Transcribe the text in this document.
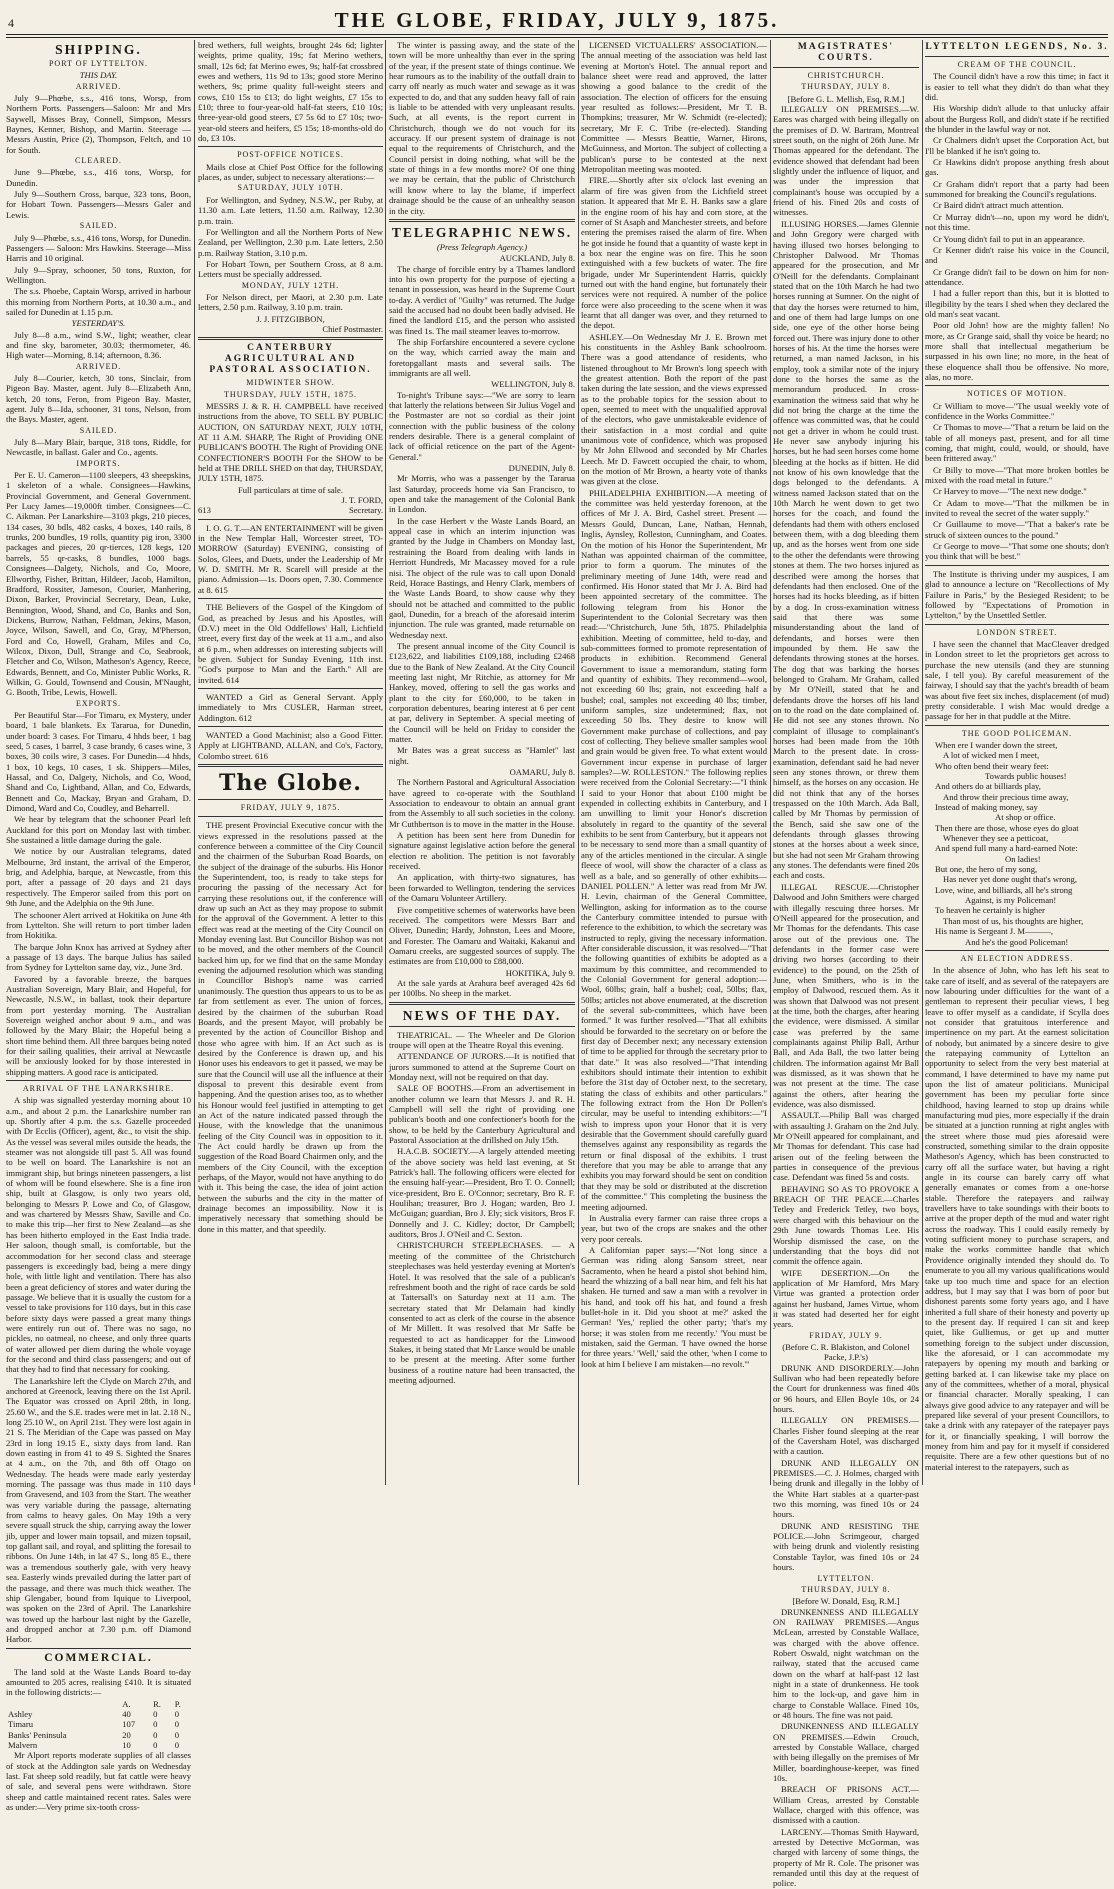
4	THE GLOBE, FRIDAY, JULY 9, 1875.
SHIPPING.
PORT OF LYTTELTON.
THIS DAY.
ARRIVED.

July 9—Phœbe, s.s., 416 tons, Worsp, from Northern Ports. Passengers—Saloon: Mr and Mrs Saywell, Misses Bray, Connell, Simpson, Messrs Baynes, Kenner, Bishop, and Martin. Steerage — Messrs Austin, Price (2), Thompson, Feltch, and 10 for South.

CLEARED.

June 9—Phœbe, s.s., 416 tons, Worsp, for Dunedin.

July 9—Southern Cross, barque, 323 tons, Boon, for Hobart Town. Passengers—Messrs Galer and Lewis.

SAILED.

July 9—Phœbe, s.s., 416 tons, Worsp, for Dunedin. Passengers — Saloon: Mrs Hawkins. Steerage—Miss Harris and 10 original.

July 9—Spray, schooner, 50 tons, Ruxton, for Wellington.

The s.s. Phoebe, Captain Worsp, arrived in harbour this morning from Northern Ports, at 10.30 a.m., and sailed for Dunedin at 1.15 p.m.

YESTERDAY'S.

July 8—8 a.m., wind S.W., light; weather, clear and fine sky, barometer, 30.03; thermometer, 46. High water—Morning, 8.14; afternoon, 8.36.

ARRIVED.

July 8—Courier, ketch, 30 tons, Sinclair, from Pigeon Bay. Master, agent. July 8—Elizabeth Ann, ketch, 20 tons, Feron, from Pigeon Bay. Master, agent. July 8—Ida, schooner, 31 tons, Nelson, from the Bays. Master, agent.

SAILED.

July 8—Mary Blair, barque, 318 tons, Riddle, for Newcastle, in ballast. Galer and Co., agents.

IMPORTS.

Per E. U. Cameron—1100 sleepers, 43 sheepskins, 1 skeleton of a whale. Consignees—Hawkins, Provincial Government, and General Government. Per Lucy James—19,000ft timber. Consignees—C. C. Aikman. Per Lanarkshire—3103 pkgs, 210 pieces, 134 cases, 30 bdls, 482 casks, 4 boxes, 140 rails, 8 trunks, 200 bundles, 19 rolls, quantity pig iron, 3300 packages and pieces, 20 qr-tierces, 128 kegs, 120 barrels, 55 qr-casks, 8 bundles, 1000 bags. Consignees—Dalgety, Nichols, and Co, Moore, Ellworthy, Fisher, Brittan, Hildeer, Jacob, Hamilton, Bradford, Rossiter, Jameson, Courier, Manhering, Dixon, Barker, Provincial Secretary, Dean, Luke, Bennington, Wood, Shand, and Co, Banks and Son, Dickens, Burrow, Nathan, Feldman, Jekins, Mason, Joyce, Wilson, Sawell, and Co, Gray, M'Pherson, Ford and Co, Howell, Graham, Miles and Co, Wilcox, Dixon, Dull, Strange and Co, Seabrook, Fletcher and Co, Wilson, Matheson's Agency, Reece, Edwards, Bennett, and Co, Minister Public Works, R. Wilkin, G. Gould, Townsend and Cousin, M'Naught, G. Booth, Tribe, Lewis, Howell.

EXPORTS.

Per Beautiful Star—For Timaru, ex Mystery, under board, 1 bale blankets. Ex Tararua, for Dunedin, under board: 3 cases. For Timaru, 4 hhds beer, 1 bag seed, 5 cases, 1 barrel, 3 case brandy, 6 cases wine, 3 boxes, 30 coils wire, 3 cases. For Dunedin—4 hhds, 1 box, 10 kegs, 10 cases, 1 sk. Shippers—Miles, Hassal, and Co, Dalgety, Nichols, and Co, Wood, Shand and Co, Lightband, Allan, and Co, Edwards, Bennett and Co, Mackay, Bryan and Graham, D. Dimond, Ward and Co, Coudley, and Beharrell.

We hear by telegram that the schooner Pearl left Auckland for this port on Monday last with timber. She sustained a little damage during the gale.

We notice by our Australian telegrams, dated Melbourne, 3rd instant, the arrival of the Emperor, brig, and Adelphia, barque, at Newcastle, from this port, after a passage of 20 days and 21 days respectively. The Emperor sailed from this port on 9th June, and the Adelphia on the 9th June.

The schooner Alert arrived at Hokitika on June 4th from Lyttelton. She will return to port timber laden from Hokitika.

The barque John Knox has arrived at Sydney after a passage of 13 days. The barque Julius has sailed from Sydney for Lyttelton same day, viz., June 3rd.

Favored by a favorable breeze, the barques Australian Sovereign, Mary Blair, and Hopeful, for Newcastle, N.S.W., in ballast, took their departure from port yesterday morning. The Australian Sovereign weighed anchor about 9 a.m., and was followed by the Mary Blair; the Hopeful being a short time behind them. All three barques being noted for their sailing qualities, their arrival at Newcastle will be anxiously looked for by those interested in shipping matters. A good race is anticipated.

ARRIVAL OF THE LANARKSHIRE.

A ship was signalled yesterday morning about 10 a.m., and about 2 p.m. the Lanarkshire number ran up. Shortly after 4 p.m. the s.s. Gazelle proceeded with Dr Ecclis (Officer), agent, &c., to visit the ship. As the vessel was several miles outside the heads, the steamer was not alongside till past 5. All was found to be well on board. The Lanarkshire is not an immigrant ship, but brings nineteen passengers, a list of whom will be found elsewhere. She is a fine iron ship, built at Glasgow, is only two years old, belonging to Messrs P. Lowe and Co, of Glasgow, and was chartered by Messrs Shaw, Saville and Co. to make this trip—her first to New Zealand—as she has been hitherto employed in the East India trade. Her saloon, though small, is comfortable, but the accommodation for her second class and steerage passengers is exceedingly bad, being a mere dingy hole, with little light and ventilation. There has also been a great deficiency of stores and water during the passage. We believe that it is usually the custom for a vessel to take provisions for 110 days, but in this case before sixty days were passed a great many things were entirely run out of. There was no sago, no pickles, no oatmeal, no cheese, and only three quarts of water allowed per diem during the whole voyage for the second and third class passengers; and out of that they had to find that necessary for cooking.

The Lanarkshire left the Clyde on March 27th, and anchored at Greenock, leaving there on the 1st April. The Equator was crossed on April 28th, in long. 25.60 W., and the S.E. trades were met in lat. 2.18 N., long 25.10 W., on April 21st. They were lost again in 21 S. The Meridian of the Cape was passed on May 23rd in long 19.15 E., sixty days from land. Ran down easting in from 41 to 49 S. Sighted the Snares at 4 a.m., on the 7th, and 8th off Otago on Wednesday. The heads were made early yesterday morning. The passage was thus made in 110 days from Gravesend, and 103 from the Start. The weather was very variable during the passage, alternating from calms to heavy gales. On May 19th a very severe squall struck the ship, carrying away the lower jib, upper and lower main topsail, and mizen topsail, top gallant sail, and royal, and splitting the foresail to ribbons. On June 14th, in lat 47 S., long 85 E., there was a tremendous southerly gale, with very heavy sea. Easterly winds prevailed during the latter part of the passage, and there was much thick weather. The ship Glengaber, bound from Iquique to Liverpool, was spoken on the 23rd of April. The Lanarkshire was towed up the harbour last night by the Gazelle, and dropped anchor at 7.30 p.m. off Diamond Harbor.

COMMERCIAL.

The land sold at the Waste Lands Board to-day amounted to 205 acres, realising £410. It is situated in the following districts:—

	A.	R.	P.
Ashley	40	0	0
Timaru	107	0	0
Banks' Peninsula	20	0	0
Malvern	10	0	0

Mr Alport reports moderate supplies of all classes of stock at the Addington sale yards on Wednesday last. Fat sheep sold readily, but fat cattle were heavy of sale, and several pens were withdrawn. Store sheep and cattle maintained recent rates. Sales were as under:—Very prime six-tooth cross-

bred wethers, full weights, brought 24s 6d; lighter weights, prime quality, 19s; fat Merino wethers, small, 12s 6d; fat Merino ewes, 9s; half-fat crossbred ewes and wethers, 11s 9d to 13s; good store Merino wethers, 9s; prime quality full-weight steers and cows, £10 15s to £13; do light weights, £7 15s to £10; three to four-year-old half-fat steers, £10 10s; three-year-old good steers, £7 5s 6d to £7 10s; two-year-old steers and heifers, £5 15s; 18-months-old do do, £3 10s.

POST-OFFICE NOTICES.

Mails close at Chief Post Office for the following places, as under, subject to necessary alterations:—

SATURDAY, JULY 10TH.

For Wellington, and Sydney, N.S.W., per Ruby, at 11.30 a.m. Late letters, 11.50 a.m. Railway, 12.30 p.m. train.

For Wellington and all the Northern Ports of New Zealand, per Wellington, 2.30 p.m. Late letters, 2.50 p.m. Railway Station, 3.10 p.m.

For Hobart Town, per Southern Cross, at 8 a.m. Letters must be specially addressed.

MONDAY, JULY 12TH.

For Nelson direct, per Maori, at 2.30 p.m. Late letters, 2.50 p.m. Railway, 3.10 p.m. train.

J. J. FITZGIBBON,
Chief Postmaster.
CANTERBURY AGRICULTURAL AND PASTORAL ASSOCIATION.
MIDWINTER SHOW.
THURSDAY, JULY 15TH, 1875.

MESSRS J. & R. H. CAMPBELL have received instructions from the above, TO SELL BY PUBLIC AUCTION, ON SATURDAY NEXT, JULY 10TH, AT 11 A.M. SHARP, The Right of Providing ONE PUBLICAN'S BOOTH. The Right of Providing ONE CONFECTIONER'S BOOTH For the SHOW to be held at THE DRILL SHED on that day, THURSDAY, JULY 15TH, 1875.

Full particulars at time of sale.
J. T. FORD,
613	Secretary.

I. O. G. T.—AN ENTERTAINMENT will be given in the New Templar Hall, Worcester street, TO-MORROW (Saturday) EVENING, consisting of Solos, Glees, and Duets, under the Leadership of Mr W. D. SMITH. Mr R. Scarell will preside at the piano. Admission—1s. Doors open, 7.30. Commence at 8. 615

THE Believers of the Gospel of the Kingdom of God, as preached by Jesus and his Apostles, will (D.V.) meet in the Old Oddfellows' Hall, Lichfield street, every first day of the week at 11 a.m., and also at 6 p.m., when addresses on interesting subjects will be given. Subject for Sunday Evening, 11th inst. "God's purpose to Man and the Earth." All are invited. 614

WANTED a Girl as General Servant. Apply immediately to Mrs CUSLER, Harman street, Addington. 612

WANTED a Good Machinist; also a Good Fitter. Apply at LIGHTBAND, ALLAN, and Co's, Factory, Colombo street. 616

The Globe.
FRIDAY, JULY 9, 1875.

THE present Provincial Executive concur with the views expressed in the resolutions passed at the conference between a committee of the City Council and the chairmen of the Suburban Road Boards, on the subject of the drainage of the suburbs. His Honor the Superintendent, too, is ready to take steps for procuring the passing of the necessary Act for carrying these resolutions out, if the conference will draw up such an Act as they may propose to submit for the approval of the Government. A letter to this effect was read at the meeting of the City Council on Monday evening last. But Councillor Bishop was not to be moved, and the other members of the Council backed him up, for we find that on the same Monday evening the adjourned resolution which was standing in Councillor Bishop's name was carried unanimously. The question thus appears to us to be as far from settlement as ever. The union of forces, desired by the chairmen of the suburban Road Boards, and the present Mayor, will probably be prevented by the action of Councillor Bishop and those who agree with him. If an Act such as is desired by the Conference is drawn up, and his Honor uses his endeavors to get it passed, we may be sure that the Council will use all the influence at their disposal to prevent this desirable event from happening. And the question arises too, as to whether his Honour would feel justified in attempting to get an Act of the nature indicated passed through the House, with the knowledge that the unanimous feeling of the City Council was in opposition to it. The Act could hardly be drawn up from the suggestion of the Road Board Chairmen only, and the members of the City Council, with the exception perhaps, of the Mayor, would not have anything to do with it. This being the case, the idea of joint action between the suburbs and the city in the matter of drainage becomes an impossibility. Now it is imperatively necessary that something should be done in this matter, and that speedily.

The winter is passing away, and the state of the town will be more unhealthy than ever in the spring of the year, if the present state of things continue. We hear rumours as to the inability of the outfall drain to carry off nearly as much water and sewage as it was expected to do, and that any sudden heavy fall of rain is liable to be attended with very unpleasant results. Such, at all events, is the report current in Christchurch, though we do not vouch for its accuracy. If our present system of drainage is not equal to the requirements of Christchurch, and the Council persist in doing nothing, what will be the state of things in a few months more? Of one thing we may be certain, that the public of Christchurch will know where to lay the blame, if imperfect drainage should be the cause of an unhealthy season in the city.

TELEGRAPHIC NEWS.
(Press Telegraph Agency.)
AUCKLAND, July 8.

The charge of forcible entry by a Thames landlord into his own property for the purpose of ejecting a tenant in possession, was heard in the Supreme Court to-day. A verdict of "Guilty" was returned. The Judge said the accused had no doubt been badly advised. He fined the landlord £15, and the person who assisted was fined 1s. The mail steamer leaves to-morrow.

The ship Forfarshire encountered a severe cyclone on the way, which carried away the main and foretopgallant masts and several sails. The immigrants are all well.

WELLINGTON, July 8.

To-night's Tribune says:—"We are sorry to learn that latterly the relations between Sir Julius Vogel and the Postmaster are not so cordial as their joint connection with the public business of the colony renders desirable. There is a general complaint of lack of official reticence on the part of the Agent-General."

DUNEDIN, July 8.

Mr Morris, who was a passenger by the Tararua last Saturday, proceeds home via San Francisco, to open and take the management of the Colonial Bank in London.

In the case Herbert v the Waste Lands Board, an appeal case in which an interim injunction was granted by the Judge in Chambers on Monday last, restraining the Board from dealing with lands in Herriott Hundreds, Mr Macassey moved for a rule nisi. The object of the rule was to call upon Donald Reid, Horace Bastings, and Henry Clark, members of the Waste Lands Board, to show cause why they should not be attached and committed to the public gaol, Dunedin, for a breach of the aforesaid interim injunction. The rule was granted, made returnable on Wednesday next.

The present annual income of the City Council is £123,622, and liabilities £109,188, including £2468 due to the Bank of New Zealand. At the City Council meeting last night, Mr Ritchie, as attorney for Mr Hankey, moved, offering to sell the gas works and plant to the city for £60,000, to be taken in corporation debentures, bearing interest at 6 per cent at par, delivery in September. A special meeting of the Council will be held on Friday to consider the matter.

Mr Bates was a great success as "Hamlet" last night.

OAMARU, July 8.

The Northern Pastoral and Agricultural Association have agreed to co-operate with the Southland Association to endeavour to obtain an annual grant from the Assembly to all such societies in the colony. Mr Cuthbertson is to move in the matter in the House.

A petition has been sent here from Dunedin for signature against legislative action before the general election re abolition. The petition is not favorably received.

An application, with thirty-two signatures, has been forwarded to Wellington, tendering the services of the Oamaru Volunteer Artillery.

Five competitive schemes of waterworks have been received. The competitors were Messrs Barr and Oliver, Dunedin; Hardy, Johnston, Lees and Moore, and Forester. The Oamaru and Waitaki, Kakanui and Oamaru creeks, are suggested sources of supply. The estimates are from £10,000 to £88,000.

HOKITIKA, July 9.

At the sale yards at Arahura beef averaged 42s 6d per 100lbs. No sheep in the market.

NEWS OF THE DAY.

THEATRICAL. — The Wheeler and De Glorion troupe will open at the Theatre Royal this evening.

ATTENDANCE OF JURORS.—It is notified that jurors summoned to attend at the Supreme Court on Monday next, will not be required on that day.

SALE OF BOOTHS.—From an advertisement in another column we learn that Messrs J. and R. H. Campbell will sell the right of providing one publican's booth and one confectioner's booth for the show, to be held by the Canterbury Agricultural and Pastoral Association at the drillshed on July 15th.

H.A.C.B. SOCIETY.—A largely attended meeting of the above society was held last evening, at St Patrick's hall. The following officers were elected for the ensuing half-year:—President, Bro T. O. Connell; vice-president, Bro E. O'Connor; secretary, Bro R. F. Houlihan; treasurer, Bro J. Hogan; warden, Bro J. McGuigan; guardian, Bro J. Ely; sick visitors, Bros F. Donnelly and J. C. Kidley; doctor, Dr Campbell; auditors, Bros J. O'Neil and C. Sexton.

CHRISTCHURCH STEEPLECHASES. — A meeting of the committee of the Christchurch steeplechases was held yesterday evening at Morten's Hotel. It was resolved that the sale of a publican's refreshment booth and the right of race cards be sold at Tattersall's on Saturday next at 11 a.m. The secretary stated that Mr Delamain had kindly consented to act as clerk of the course in the absence of Mr Millett. It was resolved that Mr Saffe be requested to act as handicapper for the Linwood Stakes, it being stated that Mr Lance would be unable to be present at the meeting. After some further business of a routine nature had been transacted, the meeting adjourned.

LICENSED VICTUALLERS' ASSOCIATION.—The annual meeting of the association was held last evening at Morton's Hotel. The annual report and balance sheet were read and approved, the latter showing a good balance to the credit of the association. The election of officers for the ensuing year resulted as follows:—President, Mr T. B. Thompkins; treasurer, Mr W. Schmidt (re-elected); secretary, Mr F. C. Tribe (re-elected). Standing Committee — Messrs Beattie, Warner, Hirons, McGuinness, and Morton. The subject of collecting a publican's purse to be contested at the next Metropolitan meeting was mooted.

FIRE.—Shortly after six o'clock last evening an alarm of fire was given from the Lichfield street station. It appeared that Mr E. H. Banks saw a glare in the engine room of his hay and corn store, at the corner of St Asaph and Manchester streets, and before entering the premises raised the alarm of fire. When he got inside he found that a quantity of waste kept in a box near the engine was on fire. This he soon extinguished with a few buckets of water. The fire brigade, under Mr Superintendent Harris, quickly turned out with the hand engine, but fortunately their services were not required. A number of the police force were also proceeding to the scene when it was learnt that all danger was over, and they returned to the depot.

ASHLEY.—On Wednesday Mr J. E. Brown met his constituents in the Ashley Bank schoolroom. There was a good attendance of residents, who listened throughout to Mr Brown's long speech with the greatest attention. Both the report of the past taken during the late session, and the views expressed as to the probable topics for the session about to open, seemed to meet with the unqualified approval of the electors, who gave unmistakeable evidence of their satisfaction in a most cordial and quite unanimous vote of confidence, which was proposed by Mr John Ellwood and seconded by Mr Charles Leech. Mr D. Fawcett occupied the chair, to whom, on the motion of Mr Brown, a hearty vote of thanks was given at the close.

PHILADELPHIA EXHIBITION.—A meeting of the committee was held yesterday forenoon, at the offices of Mr J. A. Bird, Cashel street. Present — Messrs Gould, Duncan, Lane, Nathan, Hennah, Inglis, Aynsley, Rolleston, Cunningham, and Coates. On the motion of his Honor the Superintendent, Mr Nathan was appointed chairman of the committee, prior to form a quorum. The minutes of the preliminary meeting of June 14th, were read and confirmed. His Honor stated that Mr J. A. Bird had been appointed secretary of the committee. The following telegram from his Honor the Superintendent to the Colonial Secretary was then read:—"Christchurch, June 5th, 1875. Philadelphia exhibition. Meeting of committee, held to-day, and sub-committees formed to promote representation of products in exhibition. Recommend General Government to issue a memorandum, stating form and quantity of exhibits. They recommend—wool, not exceeding 60 lbs; grain, not exceeding half a bushel; coal, samples not exceeding 40 lbs; timber, uniform samples, size undetermined; flax, not exceeding 50 lbs. They desire to know will Government make purchase of collections, and pay cost of collecting. They believe smaller samples wool and grain would be given free. To what extent would Government incur expense in purchase of larger samples?—W. ROLLESTON." The following replies were received from the Colonial Secretary:—"I think I said to your Honor that about £100 might be expended in collecting exhibits in Canterbury, and I am unwilling to limit your Honor's discretion absolutely in regard to the quantity of the several exhibits to be sent from Canterbury, but it appears not to be necessary to send more than a small quantity of any of the articles mentioned in the circular. A single fleece of wool, will show the character of a class as well as a bale, and so generally of other exhibits—DANIEL POLLEN." A letter was read from Mr JW. H. Levin, chairman of the General Committee, Wellington, asking for information as to the course the Canterbury committee intended to pursue with reference to the exhibition, to which the secretary was instructed to reply, giving the necessary information. After considerable discussion, it was resolved—"That the following quantities of exhibits be adopted as a maximum by this committee, and recommended to the Colonial Government for general adoption:—Wool, 60lbs; grain, half a bushel; coal, 50lbs; flax, 50lbs; articles not above enumerated, at the discretion of the several sub-committees, which have been formed." It was further resolved—"That all exhibits should be forwarded to the secretary on or before the first day of December next; any necessary extension of time to be applied for through the secretary prior to that date." It was also resolved—"That intending exhibitors should intimate their intention to exhibit before the 31st day of October next, to the secretary, stating the class of exhibits and other particulars." The following extract from the Hon Dr Pollen's circular, may be useful to intending exhibitors:—"I wish to impress upon your Honor that it is very desirable that the Government should carefully guard themselves against any responsibility as regards the return or final disposal of the exhibits. I trust therefore that you may be able to arrange that any exhibits you may forward should be sent on condition that they may be sold or distributed at the discretion of the committee." This completing the business the meeting adjourned.

In Australia every farmer can raise three crops a year, but two of the crops are snakes and the other very poor cereals.

A Californian paper says:—"Not long since a German was riding along Sansom street, near Sacramento, when he heard a pistol shot behind him, heard the whizzing of a ball near him, and felt his hat shaken. He turned and saw a man with a revolver in his hand, and took off his hat, and found a fresh bullet-hole in it. Did you shoot at me?' asked the German! 'Yes,' replied the other party; 'that's my horse; it was stolen from me recently.' 'You must be mistaken, said the German. 'I have owned the horse for three years.' 'Well,' said the other, 'when I come to look at him I believe I am mistaken—no revolt.'"

MAGISTRATES' COURTS.
CHRISTCHURCH.
THURSDAY, JULY 8.
[Before G. L. Mellish, Esq, R.M.]

ILLEGALLY ON PREMISES.—W. Eares was charged with being illegally on the premises of D. W. Bartram, Montreal street south, on the night of 26th June. Mr Thomas appeared for the defendant. The evidence showed that defendant had been slightly under the influence of liquor, and was under the impression that complainant's house was occupied by a friend of his. Fined 20s and costs of witnesses.

ILLUSING HORSES.—James Glennie and John Gregory were charged with having illused two horses belonging to Christopher Dalwood. Mr Thomas appeared for the prosecution, and Mr O'Neill for the defendants. Complainant stated that on the 10th March he had two horses running at Sumner. On the night of that day the horses were returned to him, and one of them had large lumps on one side, one eye of the other horse being forced out. There was injury done to other horses of his. At the time the horses were returned, a man named Jackson, in his employ, took a similar note of the injury done to the horses the same as the memorandum produced. In cross-examination the witness said that why he did not bring the charge at the time the offence was committed was, that he could not get a driver in whom he could trust. He never saw anybody injuring his horses, but he had seen horses come home bleeding at the hocks as if bitten. He did not know of his own knowledge that the dogs belonged to the defendants. A witness named Jackson stated that on the 10th March he went down to get two horses for the coach, and found the defendants had them with others enclosed between them, with a dog bleeding them up, and as the horses went from one side to the other the defendants were throwing stones at them. The two horses injured as described were among the horses that defendants had then enclosed. One of the horses had its hocks bleeding, as if bitten by a dog. In cross-examination witness said that there was some misunderstanding about the land of defendants, and horses were then impounded by them. He saw the defendants throwing stones at the horses. The dog that was barking the horses belonged to Graham. Mr Graham, called by Mr O'Neill, stated that he and defendants drove the horses off his land on to the road on the date complained of. He did not see any stones thrown. No complaint of illusage to complainant's horses had been made from the 10th March to the present date. In cross-examination, defendant said he had never seen any stones thrown, or threw them himself, as the horses on any occasion. He did not think that any of the horses trespassed on the 10th March. Ada Ball, called by Mr Thomas by permission of the Bench, said she saw one of the defendants through glasses throwing stones at the horses about a week since, but she had not seen Mr Graham throwing any stones. The defendants were fined 20s each and costs.

ILLEGAL RESCUE.—Christopher Dalwood and John Smithers were charged with illegally rescuing three horses. Mr O'Neill appeared for the prosecution, and Mr Thomas for the defendants. This case arose out of the previous one. The defendants in the former case were driving two horses (according to their evidence) to the pound, on the 25th of June, when Smithers, who is in the employ of Dalwood, rescued them. As it was shown that Dalwood was not present at the time, both the charges, after hearing the evidence, were dismissed. A similar case was preferred by the same complainants against Philip Ball, Arthur Ball, and Ada Ball, the two latter being children. The information against Mr Ball was dismissed, as it was shown that he was not present at the time. The case against the others, after hearing the evidence, was also dismissed.

ASSAULT.—Philip Ball was charged with assaulting J. Graham on the 2nd July. Mr O'Neill appeared for complainant, and Mr Thomas for defendant. This case had arisen out of the feeling between the parties in consequence of the previous case. Defendant was fined 5s and costs.

BEHAVING SO AS TO PROVOKE A BREACH OF THE PEACE.—Charles Tetley and Frederick Tetley, two boys, were charged with this behaviour on the 29th June towards Thomas Lee. His Worship dismissed the case, on the understanding that the boys did not commit the offence again.

WIFE DESERTION.—On the application of Mr Hamford, Mrs Mary Virtue was granted a protection order against her husband, James Virtue, whom it was stated had deserted her for eight years.

FRIDAY, JULY 9.
(Before C. R. Blakiston, and Colonel Packe, J.P.'s)

DRUNK AND DISORDERLY.—John Sullivan who had been repeatedly before the Court for drunkenness was fined 40s or 96 hours, and Ellen Boyle 10s, or 24 hours.

ILLEGALLY ON PREMISES.—Charles Fisher found sleeping at the rear of the Caversham Hotel, was discharged with a caution.

DRUNK AND ILLEGALLY ON PREMISES.—C. J. Holmes, charged with being drunk and illegally in the lobby of the White Hart stables at a quarter-past two this morning, was fined 10s or 24 hours.

DRUNK AND RESISTING THE POLICE.—John Scrimgeour, charged with being drunk and violently resisting Constable Taylor, was fined 10s or 24 hours.

LYTTELTON.
THURSDAY, JULY 8.
[Before W. Donald, Esq, R.M.]

DRUNKENNESS AND ILLEGALLY ON RAILWAY PREMISES.—Angus McLean, arrested by Constable Wallace, was charged with the above offence. Robert Oswald, night watchman on the railway, stated that the accused came down on the wharf at half-past 12 last night in a state of drunkenness. He took him to the lock-up, and gave him in charge to Constable Wallace. Fined 10s, or 48 hours. The fine was not paid.

DRUNKENNESS AND ILLEGALLY ON PREMISES.—Edwin Crouch, arrested by Constable Wallace, charged with being illegally on the premises of Mr Miller, boardinghouse-keeper, was fined 10s.

BREACH OF PRISONS ACT.—William Creas, arrested by Constable Wallace, charged with this offence, was dismissed with a caution.

LARCENY.—Thomas Smith Hayward, arrested by Detective McGorman, was charged with larceny of some things, the property of Mr R. Cole. The prisoner was remanded until this day at the request of police.

LYTTELTON LEGENDS, No. 3.
CREAM OF THE COUNCIL.

The Council didn't have a row this time; in fact it is easier to tell what they didn't do than what they did.

His Worship didn't allude to that unlucky affair about the Burgess Roll, and didn't state if he rectified the blunder in the lawful way or not.

Cr Chalmers didn't upset the Corporation Act, but I'll be blanked if he isn't going to.

Cr Hawkins didn't propose anything fresh about gas.

Cr Graham didn't report that a party had been summoned for breaking the Council's regulations.

Cr Baird didn't attract much attention.

Cr Murray didn't—no, upon my word he didn't, not this time.

Cr Young didn't fail to put in an appearance.

Cr Kenner didn't raise his voice in the Council, and

Cr Grange didn't fail to be down on him for non-attendance.

I had a fuller report than this, but it is blotted to illegibility by the tears I shed when they declared the old man's seat vacant.

Poor old John! how are the mighty fallen! No more, as Cr Grange said, shall thy voice be heard; no more shall that intellectual megatherium be surpassed in his own line; no more, in the heat of these eloquence shall thou be offensive. No more, alas, no more.

NOTICES OF MOTION.

Cr William to move—"The usual weekly vote of confidence in the Works Committee."

Cr Thomas to move—"That a return be laid on the table of all moneys past, present, and for all time coming, that might, could, would, or should, have been frittered away."

Cr Billy to move—"That more broken bottles be mixed with the road metal in future."

Cr Harvey to move—"The next new dodge."

Cr Adam to move—"That the milkmen be in invited to reveal the secret of the water supply."

Cr Guillaume to move—"That a baker's rate be struck of sixteen ounces to the pound."

Cr George to move—"That some one shouts; don't you think that will be best."

The Institute is thriving under my auspices, I am glad to announce a lecture on "Recollections of My Failure in Paris," by the Besieged Resident; to be followed by "Expectations of Promotion in Lyttelton," by the Unsettled Settler.

LONDON STREET.

I have seen the channel that MacCleaver dredged in London street to let the proprietors get across to purchase the new utensils (and they are stunning sale, I tell you). By careful measurement of the fairway, I should say that the yacht's breadth of beam was about five feet six inches, displacement (of mud) pretty considerable. I wish Mac would dredge a passage for her in that puddle at the Mitre.

THE GOOD POLICEMAN.
When ere I wander down the street,
A lot of wicked men I meet,
Who often bend their weary feet:
Towards public houses!
And others do at billiards play,
And throw their precious time away,
Instead of making money, say
At shop or office.
Then there are those, whose eyes do gloat
Whenever they see a petticoat,
And spend full many a hard-earned Note:
On ladies!
But one, the hero of my song,
Has never yet done ought that's wrong,
Love, wine, and billiards, all he's strong
Against, is my Policeman!
To heaven he certainly is higher
Than most of us, his thoughts are higher,
His name is Sergeant J. M———,
And he's the good Policeman!
AN ELECTION ADDRESS.

In the absence of John, who has left his seat to take care of itself, and as several of the ratepayers are now labouring under difficulties for the want of a gentleman to represent their peculiar views, I beg leave to offer myself as a candidate, if Scylla does not consider that gratuitous interference and impertinence on my part. At the earnest solicitation of nobody, but animated by a sincere desire to give the ratepaying community of Lyttelton an opportunity to select from the very best material at command, I have determined to have my name put upon the list of amateur politicians. Municipal government has been my peculiar forte since childhood, having learned to stop up drains while manufacturing mud pies, more especially if the drain be situated at a junction running at right angles with the street where those mud pies aforesaid were constructed, something similar to the drain opposite Matheson's Agency, which has been constructed to carry off all the surface water, but having a right angle in its course can barely carry off what generally emanates or comes from a one-horse stable. Therefore the ratepayers and railway travellers have to take soundings with their boots to arrive at the proper depth of the mud and water right across the roadway. This I could easily remedy by voting sufficient money to purchase scrapers, and make the works committee handle that which Providence originally intended they should do. To enumerate to you all my various qualifications would take up too much time and space for an election address, but I may say that I was born of poor but dishonest parents some forty years ago, and I have inherited a full share of their honesty and poverty up to the present day. If required I can sit and keep quiet, like Gulliemus, or get up and mutter something foreign to the subject under discussion, like the aforesaid, or I can accommodate my ratepayers by opening my mouth and barking or getting barked at. I can likewise take my place on any of the committees, whether of a moral, physical or financial character. Morally speaking, I can always give good advice to any ratepayer and will be prepared like several of your present Councillors, to take a drink with any ratepayer of the ratepayer pays for it, or financially speaking, I will borrow the money from him and pay for it myself if considered requisite. There are a few other questions but of no material interest to the ratepayers, such as
